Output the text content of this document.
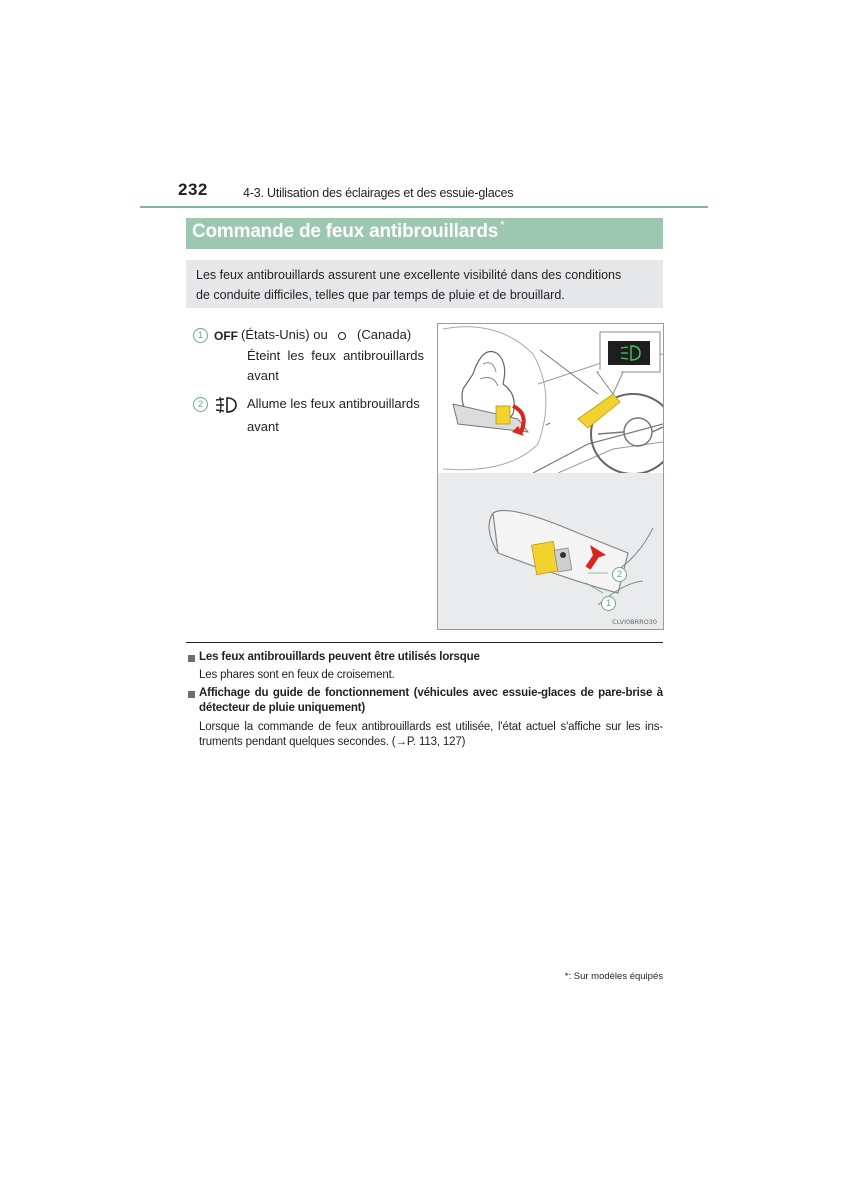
232	4-3. Utilisation des éclairages et des essuie-glaces
Commande de feux antibrouillards *
Les feux antibrouillards assurent une excellente visibilité dans des conditions
de conduite difficiles, telles que par temps de pluie et de brouillard.
1 OFF (États-Unis) ou (Canada)
Éteint les feux antibrouillards
avant
2	Allume les feux antibrouillards
avant
2
1
CLVI0BRRO30
Les feux antibrouillards peuvent être utilisés lorsque
Les phares sont en feux de croisement.
Affichage du guide de fonctionnement (véhicules avec essuie-glaces de pare-brise à
détecteur de pluie uniquement)
Lorsque la commande de feux antibrouillards est utilisée, l'état actuel s'affiche sur les ins-
truments pendant quelques secondes. (→P. 113, 127)
*: Sur modèles équipés
